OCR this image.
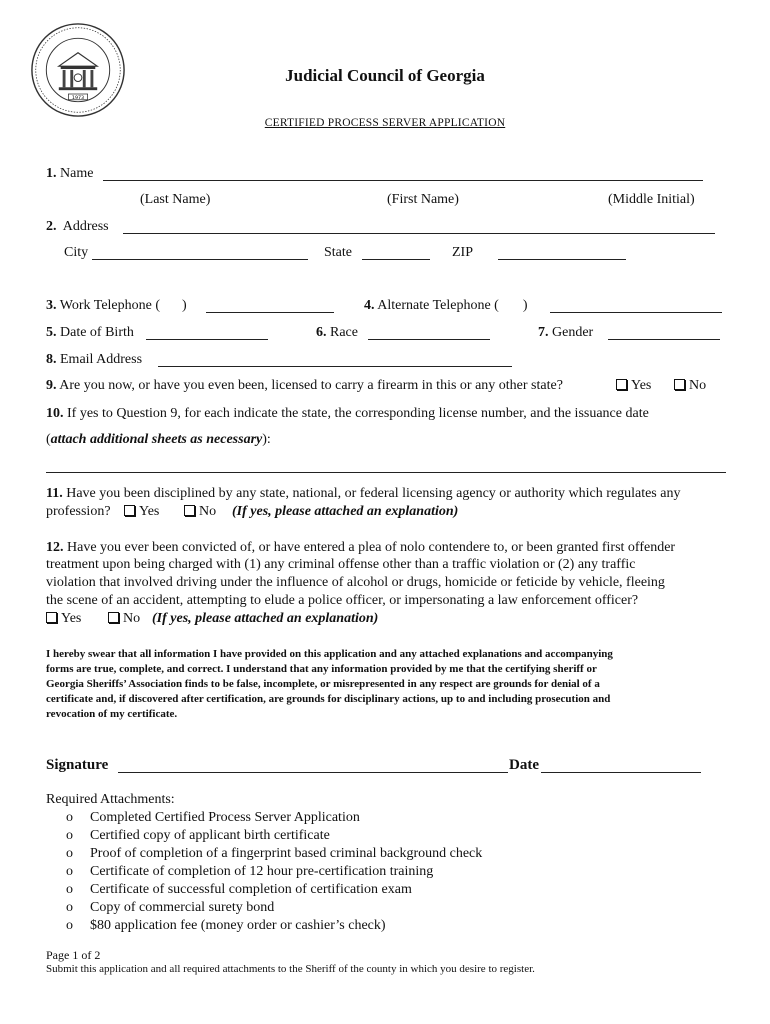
1973
Judicial Council of Georgia
CERTIFIED PROCESS SERVER APPLICATION
1. Name
(Last Name)	(First Name)	(Middle Initial)
2. Address
City	State	ZIP
3. Work Telephone ( )	4. Alternate Telephone ( )
5. Date of Birth	6. Race	7. Gender
8. Email Address
9. Are you now, or have you even been, licensed to carry a firearm in this or any other state?	Yes	No
10. If yes to Question 9, for each indicate the state, the corresponding license number, and the issuance date
(attach additional sheets as necessary):
11. Have you been disciplined by any state, national, or federal licensing agency or authority which regulates any
profession?	Yes	No (If yes, please attached an explanation)
12. Have you ever been convicted of, or have entered a plea of nolo contendere to, or been granted first offender
treatment upon being charged with (1) any criminal offense other than a traffic violation or (2) any traffic
violation that involved driving under the influence of alcohol or drugs, homicide or feticide by vehicle, fleeing
the scene of an accident, attempting to elude a police officer, or impersonating a law enforcement officer?
Yes	No (If yes, please attached an explanation)
I hereby swear that all information I have provided on this application and any attached explanations and accompanying
forms are true, complete, and correct. I understand that any information provided by me that the certifying sheriff or
Georgia Sheriffs’ Association finds to be false, incomplete, or misrepresented in any respect are grounds for denial of a
certificate and, if discovered after certification, are grounds for disciplinary actions, up to and including prosecution and
revocation of my certificate.
Signature	Date
Required Attachments:
o Completed Certified Process Server Application
o Certified copy of applicant birth certificate
o Proof of completion of a fingerprint based criminal background check
o Certificate of completion of 12 hour pre-certification training
o Certificate of successful completion of certification exam
o Copy of commercial surety bond
o $80 application fee (money order or cashier’s check)
Page 1 of 2
Submit this application and all required attachments to the Sheriff of the county in which you desire to register.
